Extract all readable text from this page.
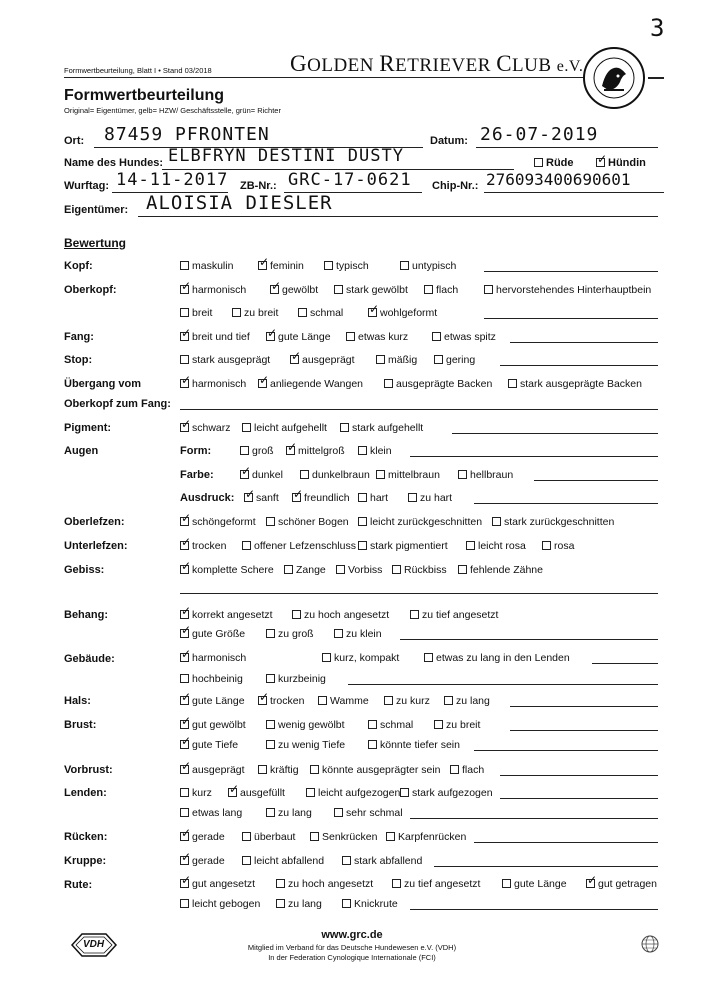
3
Formwertbeurteilung, Blatt I • Stand 03/2018	GOLDEN RETRIEVER CLUB e.V.
Formwertbeurteilung
Original= Eigentümer, gelb= HZW/ Geschäftsstelle, grün= Richter
Ort: 87459 PFRONTEN	Datum: 26-07-2019
Name des Hundes: ELBFRYN DESTINI DUSTY	Rüde ✓	Hündin
Wurftag: 14-11-2017 ZB-Nr.: GRC-17-0621 Chip-Nr.: 276093400690601
Eigentümer: ALOISIA DIESLER
Bewertung
Kopf:	maskulin ✓	feminin	typisch	untypisch
Oberkopf: ✓	harmonisch ✓	gewölbt	stark gewölbt	flach	hervorstehendes Hinterhauptbein
breit	zu breit	schmal ✓	wohlgeformt
Fang: ✓	breit und tief ✓	gute Länge	etwas kurz	etwas spitz
Stop:	stark ausgeprägt ✓	ausgeprägt	mäßig	gering
Übergang vom
Oberkopf zum Fang:
✓harmonisch ✓	anliegende Wangen	ausgeprägte Backen	stark ausgeprägte Backen
Pigment: ✓	schwarz	leicht aufgehellt	stark aufgehellt
Augen	Form:	groß ✓	mittelgroß	klein
Farbe: ✓	dunkel	dunkelbraun	mittelbraun	hellbraun
Ausdruck: ✓	sanft ✓	freundlich	hart	zu hart
Oberlefzen: ✓	schöngeformt	schöner Bogen	leicht zurückgeschnitten	stark zurückgeschnitten
Unterlefzen: ✓	trocken	offener Lefzenschluss	stark pigmentiert	leicht rosa	rosa
Gebiss: ✓	komplette Schere	Zange	Vorbiss	Rückbiss	fehlende Zähne
Behang: ✓	korrekt angesetzt	zu hoch angesetzt	zu tief angesetzt
✓gute Größe	zu groß	zu klein
Gebäude: ✓	harmonisch	kurz, kompakt	etwas zu lang in den Lenden
hochbeinig	kurzbeinig
Hals: ✓	gute Länge ✓	trocken	Wamme	zu kurz	zu lang
Brust: ✓	gut gewölbt	wenig gewölbt	schmal	zu breit
✓gute Tiefe	zu wenig Tiefe	könnte tiefer sein
Vorbrust: ✓	ausgeprägt	kräftig	könnte ausgeprägter sein	flach
Lenden:	kurz ✓	ausgefüllt	leicht aufgezogen	stark aufgezogen
etwas lang	zu lang	sehr schmal
Rücken: ✓	gerade	überbaut	Senkrücken	Karpfenrücken
Kruppe: ✓	gerade	leicht abfallend	stark abfallend
Rute: ✓	gut angesetzt	zu hoch angesetzt	zu tief angesetzt	gute Länge ✓	gut getragen
leicht gebogen	zu lang	Knickrute
VDH
www.grc.de
Mitglied im Verband für das Deutsche Hundewesen e.V. (VDH)
In der Federation Cynologique Internationale (FCI)
